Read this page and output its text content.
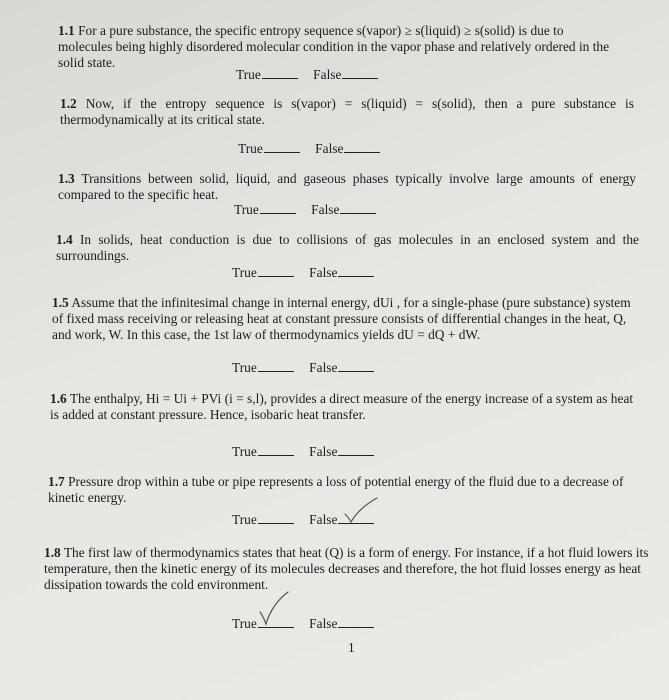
1.1 For a pure substance, the specific entropy sequence s(vapor) ≥ s(liquid) ≥ s(solid) is due to molecules being highly disordered molecular condition in the vapor phase and relatively ordered in the solid state.
True	False
1.2 Now, if the entropy sequence is s(vapor) = s(liquid) = s(solid), then a pure substance is thermodynamically at its critical state.
True	False
1.3 Transitions between solid, liquid, and gaseous phases typically involve large amounts of energy compared to the specific heat.
True	False
1.4 In solids, heat conduction is due to collisions of gas molecules in an enclosed system and the surroundings.
True	False
1.5 Assume that the infinitesimal change in internal energy, dUi , for a single-phase (pure substance) system of fixed mass receiving or releasing heat at constant pressure consists of differential changes in the heat, Q, and work, W. In this case, the 1st law of thermodynamics yields dU = dQ + dW.
True	False
1.6 The enthalpy, Hi = Ui + PVi (i = s,l), provides a direct measure of the energy increase of a system as heat is added at constant pressure. Hence, isobaric heat transfer.
True	False
1.7 Pressure drop within a tube or pipe represents a loss of potential energy of the fluid due to a decrease of kinetic energy.
True	False
1.8 The first law of thermodynamics states that heat (Q) is a form of energy. For instance, if a hot fluid lowers its temperature, then the kinetic energy of its molecules decreases and therefore, the hot fluid losses energy as heat dissipation towards the cold environment.
True	False
1
